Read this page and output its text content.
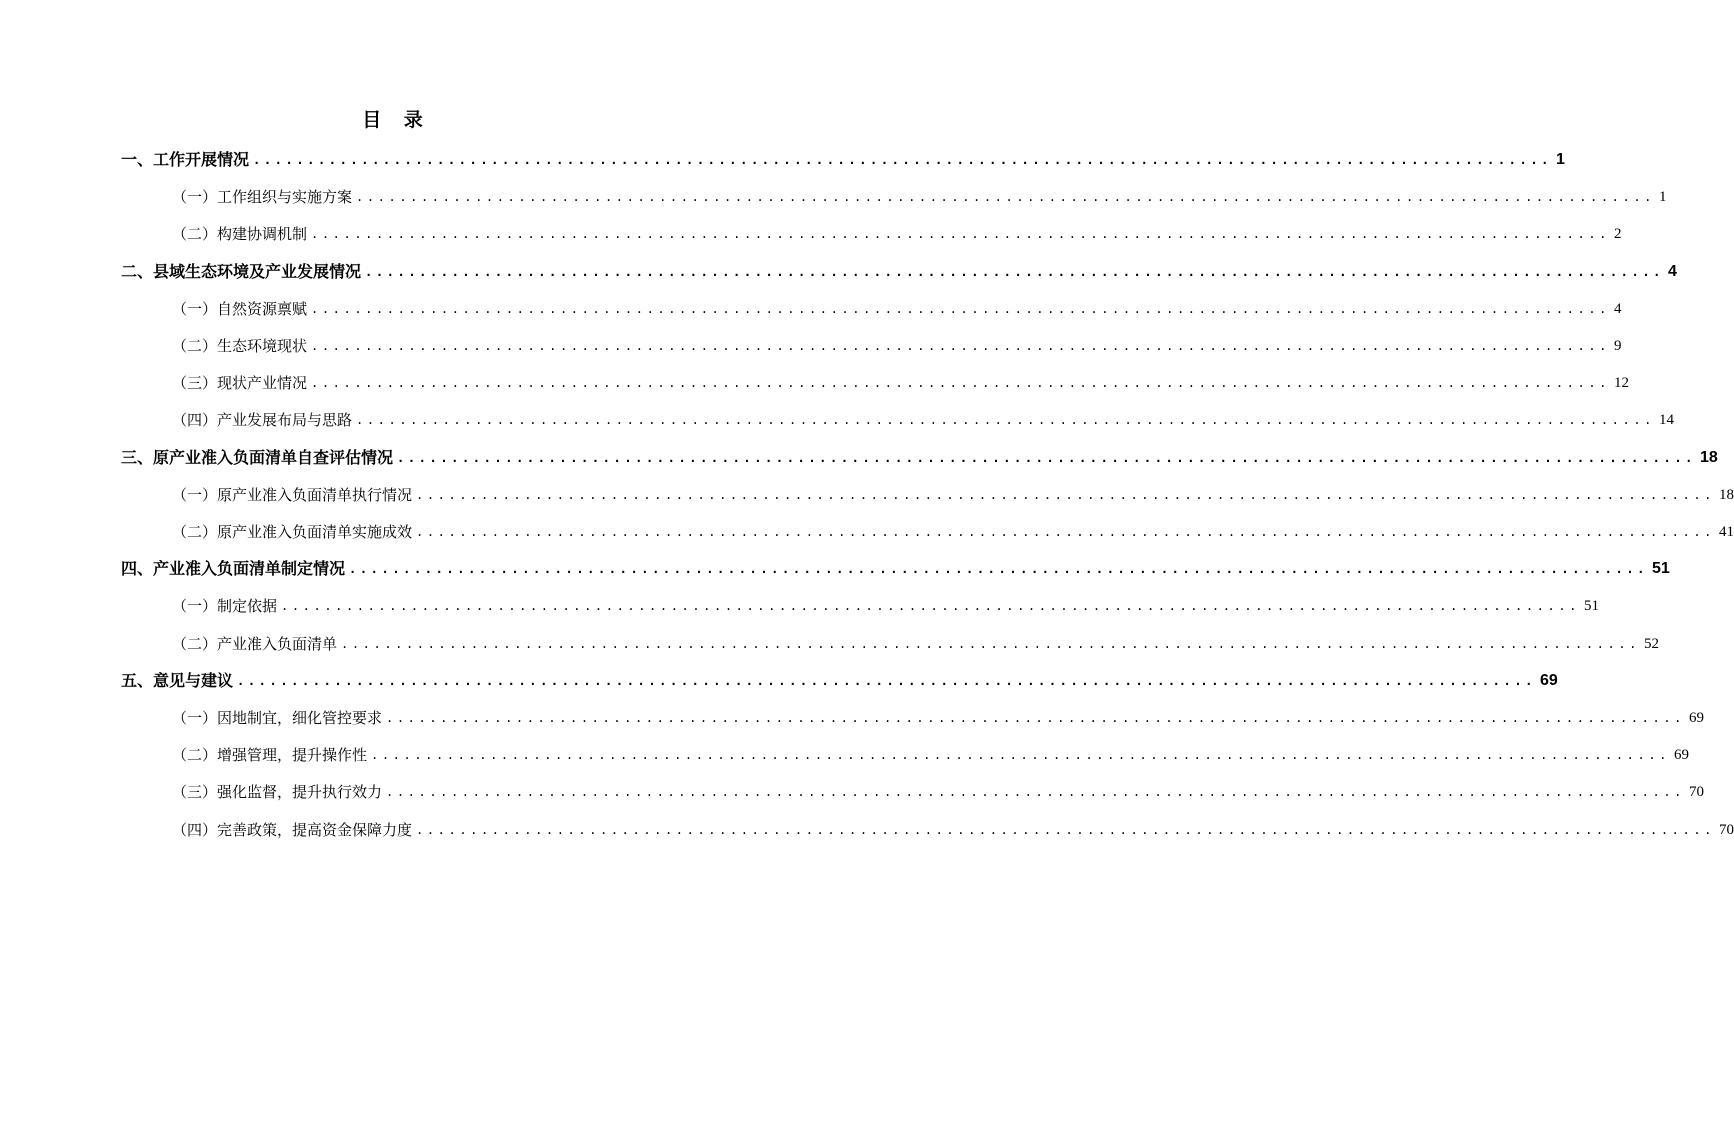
目 录
一、工作开展情况 ........................................................................................................................ 1
（一）工作组织与实施方案 ........................................................................................................................ 1
（二）构建协调机制 ........................................................................................................................ 2
二、县域生态环境及产业发展情况 ........................................................................................................................ 4
（一）自然资源禀赋 ........................................................................................................................ 4
（二）生态环境现状 ........................................................................................................................ 9
（三）现状产业情况 ........................................................................................................................ 12
（四）产业发展布局与思路 ........................................................................................................................ 14
三、原产业准入负面清单自查评估情况 ........................................................................................................................ 18
（一）原产业准入负面清单执行情况 ........................................................................................................................ 18
（二）原产业准入负面清单实施成效 ........................................................................................................................ 41
四、产业准入负面清单制定情况 ........................................................................................................................ 51
（一）制定依据 ........................................................................................................................ 51
（二）产业准入负面清单 ........................................................................................................................ 52
五、意见与建议 ........................................................................................................................ 69
（一）因地制宜，细化管控要求 ........................................................................................................................ 69
（二）增强管理，提升操作性 ........................................................................................................................ 69
（三）强化监督，提升执行效力 ........................................................................................................................ 70
（四）完善政策，提高资金保障力度 ........................................................................................................................ 70
